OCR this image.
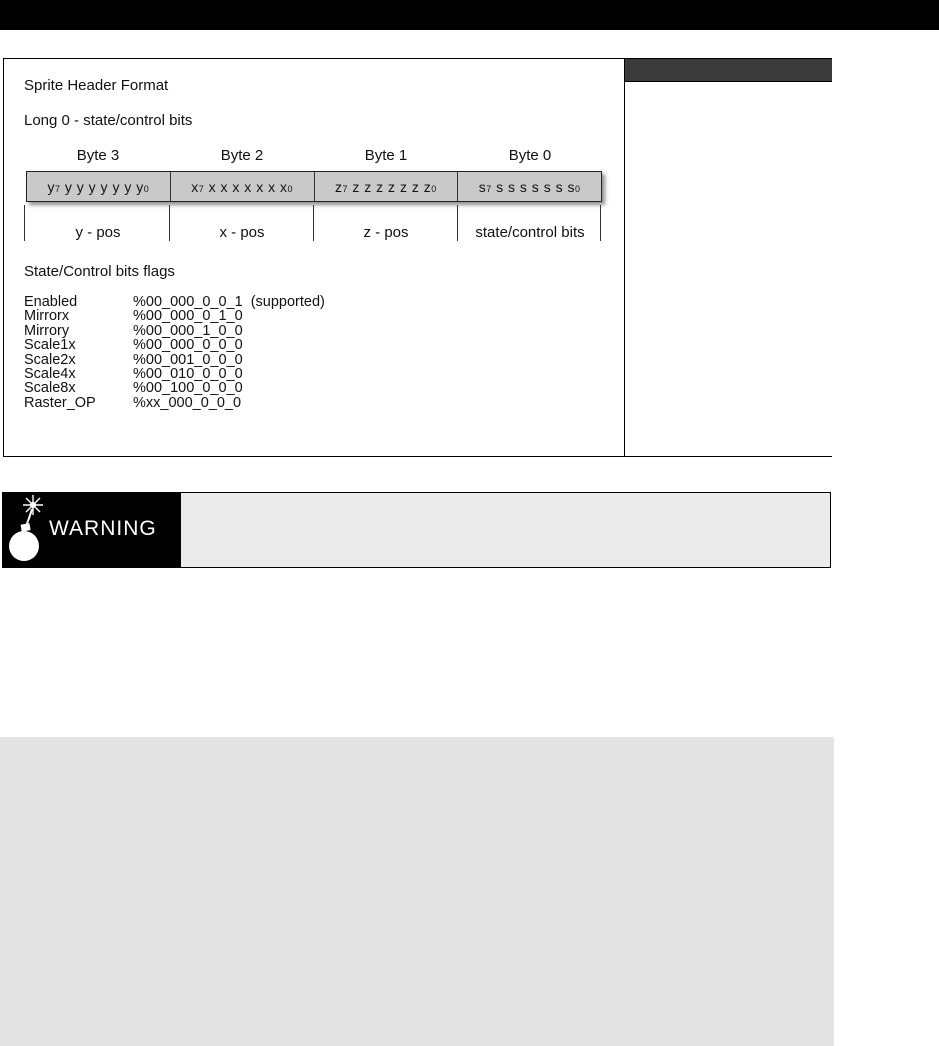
Sprite Header Format
Long 0 - state/control bits
Byte 3	Byte 2	Byte 1	Byte 0
$y_7$ y y y y y y $y_0$	$x_7$ x x x x x x $x_0$	$z_7$ z z z z z z $z_0$	$s_7$ s s s s s s $s_0$
y - pos	x - pos	z - pos	state/control bits
State/Control bits flags
Enabled	%00_000_0_0_1  (supported)
Mirrorx	%00_000_0_1_0
Mirrory	%00_000_1_0_0
Scale1x	%00_000_0_0_0
Scale2x	%00_001_0_0_0
Scale4x	%00_010_0_0_0
Scale8x	%00_100_0_0_0
Raster_OP	%xx_000_0_0_0
WARNING
